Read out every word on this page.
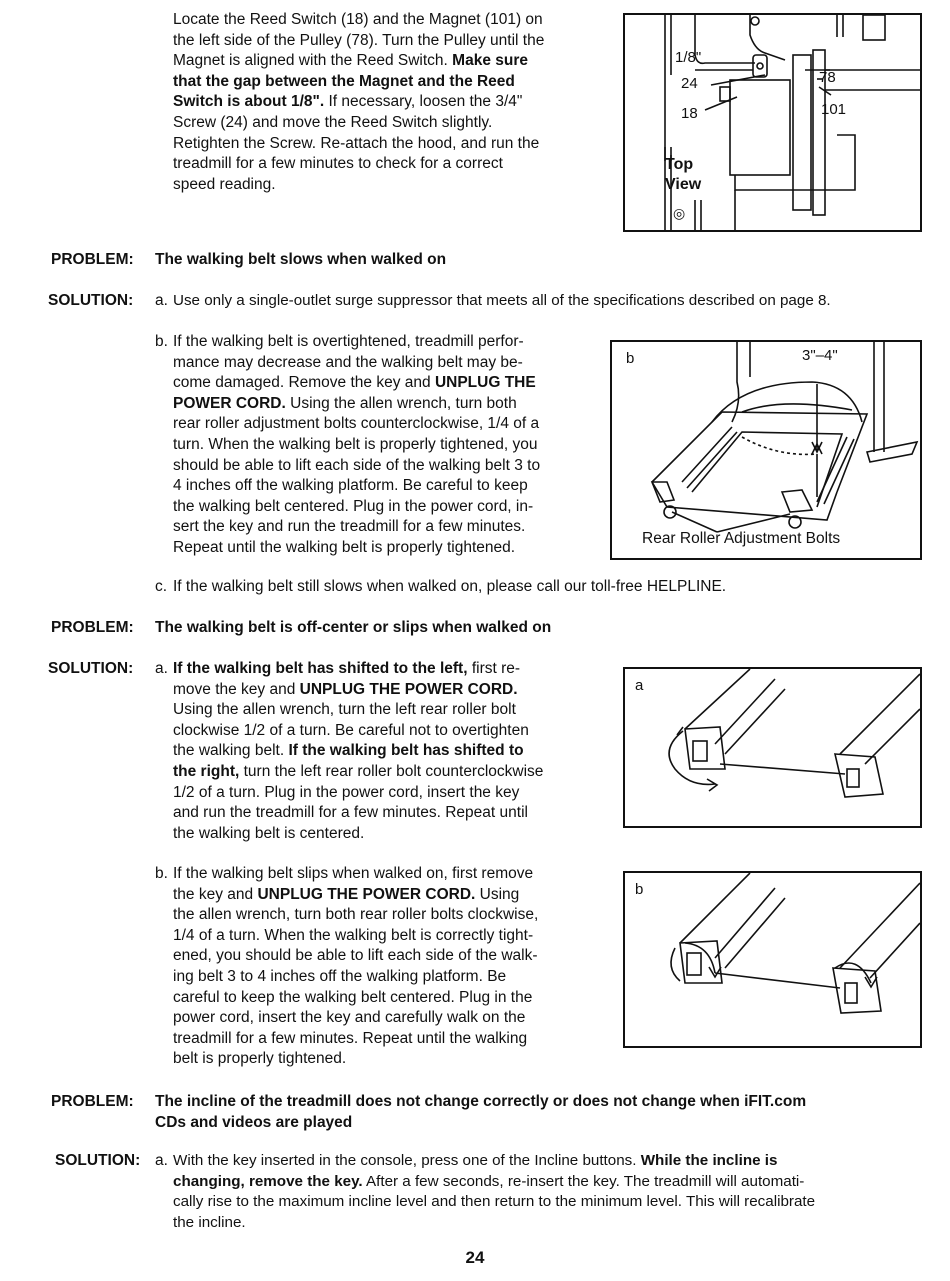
Locate the Reed Switch (18) and the Magnet (101) on
the left side of the Pulley (78). Turn the Pulley until the
Magnet is aligned with the Reed Switch. Make sure
that the gap between the Magnet and the Reed
Switch is about 1/8". If necessary, loosen the 3/4"
Screw (24) and move the Reed Switch slightly.
Retighten the Screw. Re-attach the hood, and run the
treadmill for a few minutes to check for a correct
speed reading.
1/8"
24
18
78
101
Top
View
◎
PROBLEM: The walking belt slows when walked on
SOLUTION: a. Use only a single-outlet surge suppressor that meets all of the specifications described on page 8.
b. If the walking belt is overtightened, treadmill perfor-
mance may decrease and the walking belt may be-
come damaged. Remove the key and UNPLUG THE
POWER CORD. Using the allen wrench, turn both
rear roller adjustment bolts counterclockwise, 1/4 of a
turn. When the walking belt is properly tightened, you
should be able to lift each side of the walking belt 3 to
4 inches off the walking platform. Be careful to keep
the walking belt centered. Plug in the power cord, in-
sert the key and run the treadmill for a few minutes.
Repeat until the walking belt is properly tightened.
b	3"–4"
Rear Roller Adjustment Bolts
c. If the walking belt still slows when walked on, please call our toll-free HELPLINE.
PROBLEM: The walking belt is off-center or slips when walked on
SOLUTION: a. If the walking belt has shifted to the left, first re-
move the key and UNPLUG THE POWER CORD.
Using the allen wrench, turn the left rear roller bolt
clockwise 1/2 of a turn. Be careful not to overtighten
the walking belt. If the walking belt has shifted to
the right, turn the left rear roller bolt counterclockwise
1/2 of a turn. Plug in the power cord, insert the key
and run the treadmill for a few minutes. Repeat until
the walking belt is centered.
a
b. If the walking belt slips when walked on, first remove
the key and UNPLUG THE POWER CORD. Using
the allen wrench, turn both rear roller bolts clockwise,
1/4 of a turn. When the walking belt is correctly tight-
ened, you should be able to lift each side of the walk-
ing belt 3 to 4 inches off the walking platform. Be
careful to keep the walking belt centered. Plug in the
power cord, insert the key and carefully walk on the
treadmill for a few minutes. Repeat until the walking
belt is properly tightened.
b
PROBLEM: The incline of the treadmill does not change correctly or does not change when iFIT.com
CDs and videos are played
SOLUTION: a. With the key inserted in the console, press one of the Incline buttons. While the incline is
changing, remove the key. After a few seconds, re-insert the key. The treadmill will automati-
cally rise to the maximum incline level and then return to the minimum level. This will recalibrate
the incline.
24
